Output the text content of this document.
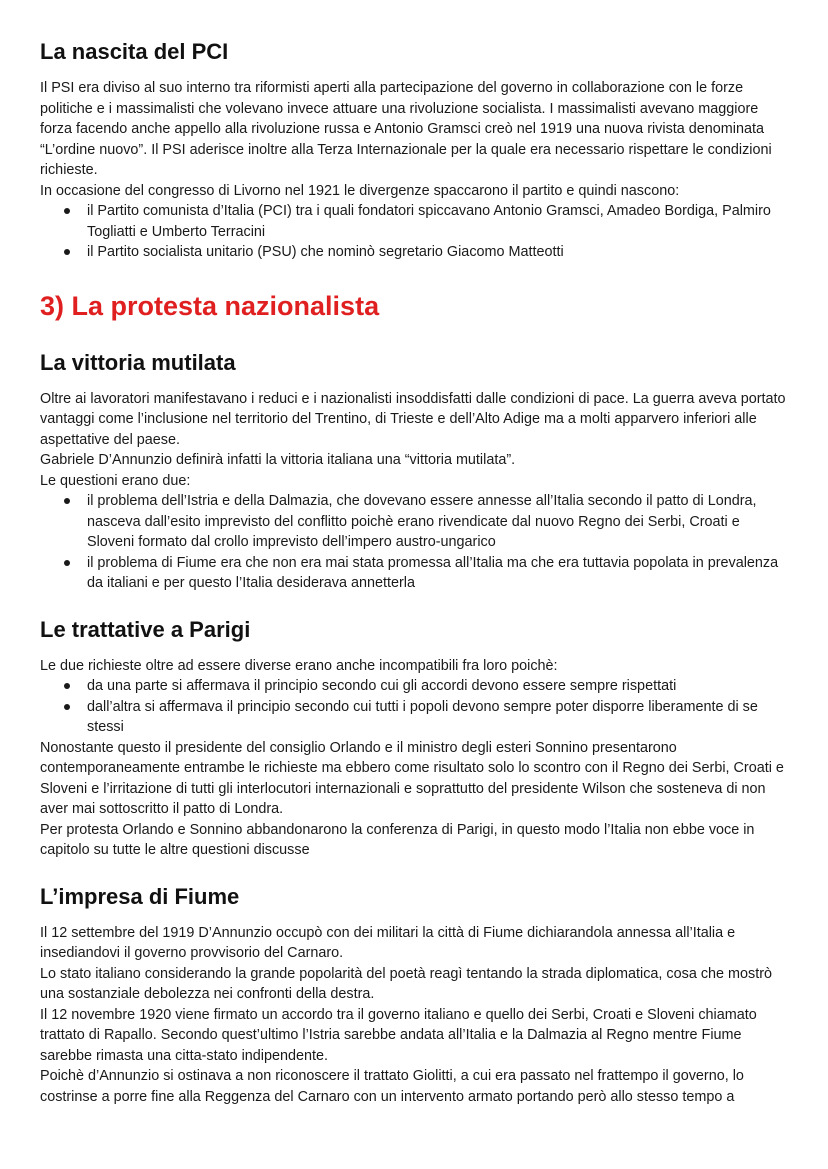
La nascita del PCI

Il PSI era diviso al suo interno tra riformisti aperti alla partecipazione del governo in collaborazione con le forze politiche e i massimalisti che volevano invece attuare una rivoluzione socialista. I massimalisti avevano maggiore forza facendo anche appello alla rivoluzione russa e Antonio Gramsci creò nel 1919 una nuova rivista denominata “L’ordine nuovo”. Il PSI aderisce inoltre alla Terza Internazionale per la quale era necessario rispettare le condizioni richieste.

In occasione del congresso di Livorno nel 1921 le divergenze spaccarono il partito e quindi nascono:

il Partito comunista d’Italia (PCI) tra i quali fondatori spiccavano Antonio Gramsci, Amadeo Bordiga, Palmiro Togliatti e Umberto Terracini
il Partito socialista unitario (PSU) che nominò segretario Giacomo Matteotti
3) La protesta nazionalista
La vittoria mutilata

Oltre ai lavoratori manifestavano i reduci e i nazionalisti insoddisfatti dalle condizioni di pace. La guerra aveva portato vantaggi come l’inclusione nel territorio del Trentino, di Trieste e dell’Alto Adige ma a molti apparvero inferiori alle aspettative del paese.

Gabriele D’Annunzio definirà infatti la vittoria italiana una “vittoria mutilata”.

Le questioni erano due:

il problema dell’Istria e della Dalmazia, che dovevano essere annesse all’Italia secondo il patto di Londra, nasceva dall’esito imprevisto del conflitto poichè erano rivendicate dal nuovo Regno dei Serbi, Croati e Sloveni formato dal crollo imprevisto dell’impero austro-ungarico
il problema di Fiume era che non era mai stata promessa all’Italia ma che era tuttavia popolata in prevalenza da italiani e per questo l’Italia desiderava annetterla
Le trattative a Parigi

Le due richieste oltre ad essere diverse erano anche incompatibili fra loro poichè:

da una parte si affermava il principio secondo cui gli accordi devono essere sempre rispettati
dall’altra si affermava il principio secondo cui tutti i popoli devono sempre poter disporre liberamente di se stessi

Nonostante questo il presidente del consiglio Orlando e il ministro degli esteri Sonnino presentarono contemporaneamente entrambe le richieste ma ebbero come risultato solo lo scontro con il Regno dei Serbi, Croati e Sloveni e l’irritazione di tutti gli interlocutori internazionali e soprattutto del presidente Wilson che sosteneva di non aver mai sottoscritto il patto di Londra.

Per protesta Orlando e Sonnino abbandonarono la conferenza di Parigi, in questo modo l’Italia non ebbe voce in capitolo su tutte le altre questioni discusse

L’impresa di Fiume

Il 12 settembre del 1919 D’Annunzio occupò con dei militari la città di Fiume dichiarandola annessa all’Italia e insediandovi il governo provvisorio del Carnaro.

Lo stato italiano considerando la grande popolarità del poetà reagì tentando la strada diplomatica, cosa che mostrò una sostanziale debolezza nei confronti della destra.

Il 12 novembre 1920 viene firmato un accordo tra il governo italiano e quello dei Serbi, Croati e Sloveni chiamato trattato di Rapallo. Secondo quest’ultimo l’Istria sarebbe andata all’Italia e la Dalmazia al Regno mentre Fiume sarebbe rimasta una citta-stato indipendente.

Poichè d’Annunzio si ostinava a non riconoscere il trattato Giolitti, a cui era passato nel frattempo il governo, lo costrinse a porre fine alla Reggenza del Carnaro con un intervento armato portando però allo stesso tempo a
